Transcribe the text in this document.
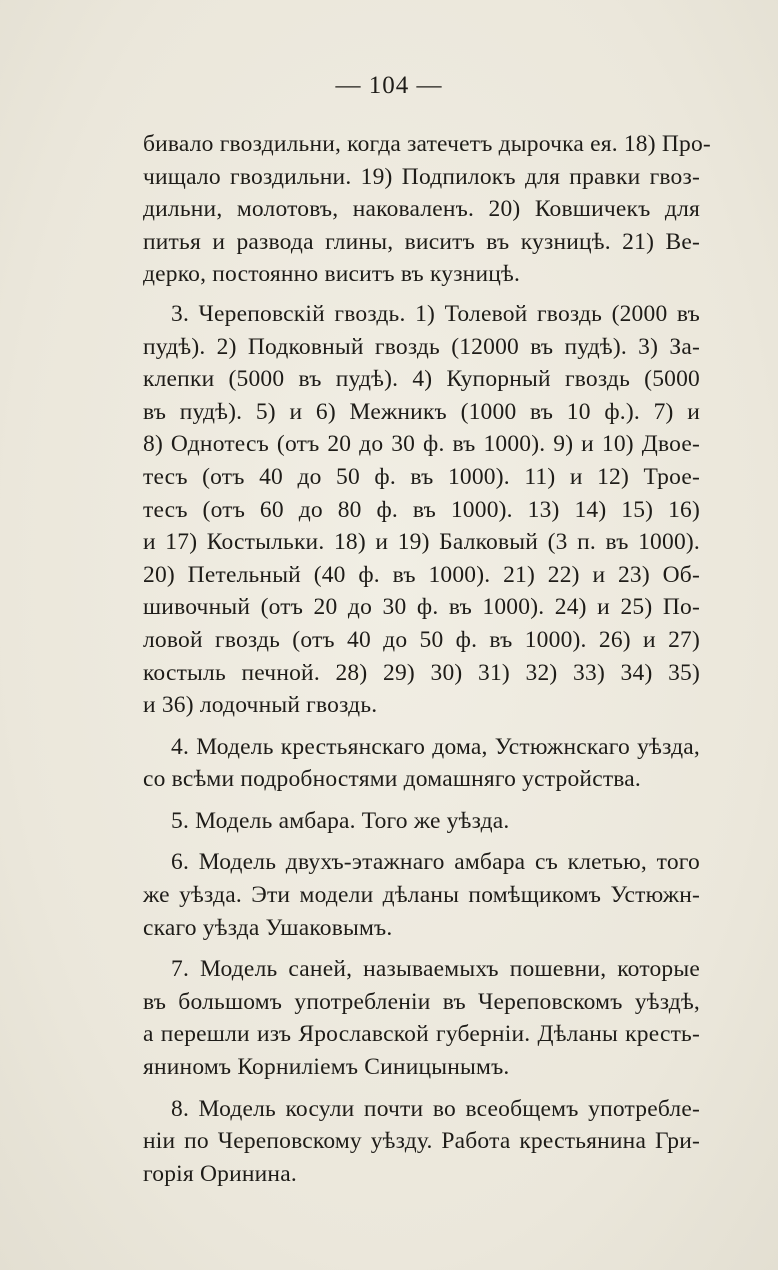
— 104 —
бивало гвоздильни, когда затечетъ дырочка ея. 18) Про-
чищало гвоздильни. 19) Подпилокъ для правки гвоз-
дильни, молотовъ, наковаленъ. 20) Ковшичекъ для
питья и развода глины, виситъ въ кузницѣ. 21) Ве-
дерко, постоянно виситъ въ кузницѣ.
3. Череповскій гвоздь. 1) Толевой гвоздь (2000 въ
пудѣ). 2) Подковный гвоздь (12000 въ пудѣ). 3) За-
клепки (5000 въ пудѣ). 4) Купорный гвоздь (5000
въ пудѣ). 5) и 6) Межникъ (1000 въ 10 ф.). 7) и
8) Однотесъ (отъ 20 до 30 ф. въ 1000). 9) и 10) Двое-
тесъ (отъ 40 до 50 ф. въ 1000). 11) и 12) Трое-
тесъ (отъ 60 до 80 ф. въ 1000). 13) 14) 15) 16)
и 17) Костыльки. 18) и 19) Балковый (3 п. въ 1000).
20) Петельный (40 ф. въ 1000). 21) 22) и 23) Об-
шивочный (отъ 20 до 30 ф. въ 1000). 24) и 25) По-
ловой гвоздь (отъ 40 до 50 ф. въ 1000). 26) и 27)
костыль печной. 28) 29) 30) 31) 32) 33) 34) 35)
и 36) лодочный гвоздь.
4. Модель крестьянскаго дома, Устюжнскаго уѣзда,
со всѣми подробностями домашняго устройства.
5. Модель амбара. Того же уѣзда.
6. Модель двухъ-этажнаго амбара съ клетью, того
же уѣзда. Эти модели дѣланы помѣщикомъ Устюжн-
скаго уѣзда Ушаковымъ.
7. Модель саней, называемыхъ пошевни, которые
въ большомъ употребленіи въ Череповскомъ уѣздѣ,
а перешли изъ Ярославской губерніи. Дѣланы кресть-
яниномъ Корниліемъ Синицынымъ.
8. Модель косули почти во всеобщемъ употребле-
ніи по Череповскому уѣзду. Работа крестьянина Гри-
горія Оринина.
